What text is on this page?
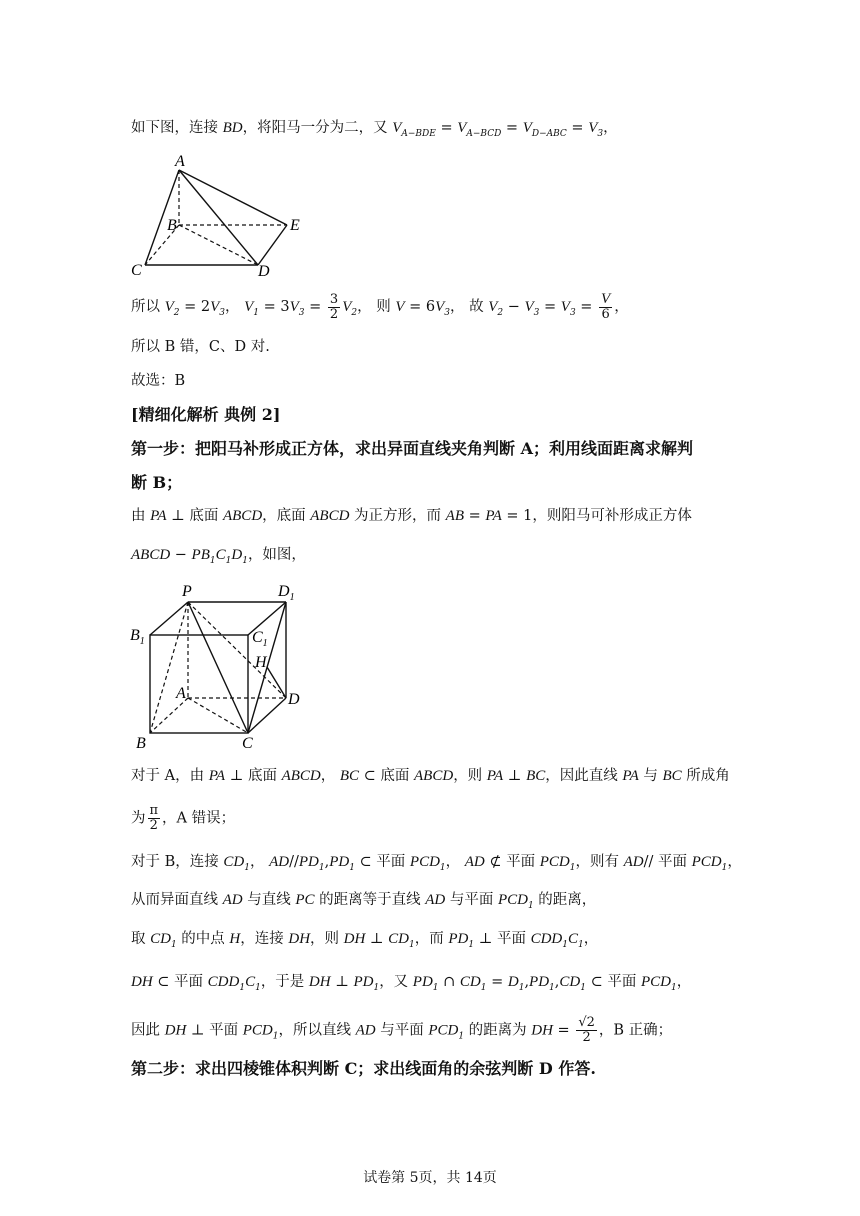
如下图，连接 BD，将阳马一分为二，又 $V_{A-BDE} = V_{A-BCD} = V_{D-ABC} = V_3$，
A
B
C	D
E
所以 $V_2 = 2V_3$， $V_1 = 3V_3 = \frac{3}{2} V_2$， 则 $V = 6V_3$， 故 $V_2 - V_3 = V_3 = \frac{V}{6}$ ，
所以 B 错，C、D 对.
故选：B
[精细化解析 典例 2]
第一步：把阳马补形成正方体，求出异面直线夹角判断 A；利用线面距离求解判
断 B；
由 PA ⊥ 底面 ABCD，底面 ABCD 为正方形，而 AB = PA = 1，则阳马可补形成正方体
ABCD − $PB_1C_1D_1$，如图，
P	$D_1$
$B_1$	$C_1$
H
A	D
B	C
对于 A，由 PA ⊥ 底面 ABCD， BC ⊂ 底面 ABCD，则 PA ⊥ BC，因此直线 PA 与 BC 所成角
为 $\frac{\pi}{2}$ ，A 错误；
对于 B，连接 $CD_1$， $AD//PD_1,PD_1$ ⊂ 平面 $PCD_1$， AD ⊄ 平面 $PCD_1$，则有 AD// 平面 $PCD_1$，
从而异面直线 AD 与直线 PC 的距离等于直线 AD 与平面 $PCD_1$ 的距离，
取 $CD_1$ 的中点 H，连接 DH，则 DH ⊥ $CD_1$，而 $PD_1$ ⊥ 平面 $CDD_1C_1$，
DH ⊂ 平面 $CDD_1C_1$，于是 DH ⊥ $PD_1$，又 $PD_1$ ∩ $CD_1 = D_1,PD_1,CD_1$ ⊂ 平面 $PCD_1$，
因此 DH ⊥ 平面 $PCD_1$，所以直线 AD 与平面 $PCD_1$ 的距离为 DH = $\frac{√2}{2}$ ，B 正确；
第二步：求出四棱锥体积判断 C；求出线面角的余弦判断 D 作答.
试卷第 5页，共 14页
